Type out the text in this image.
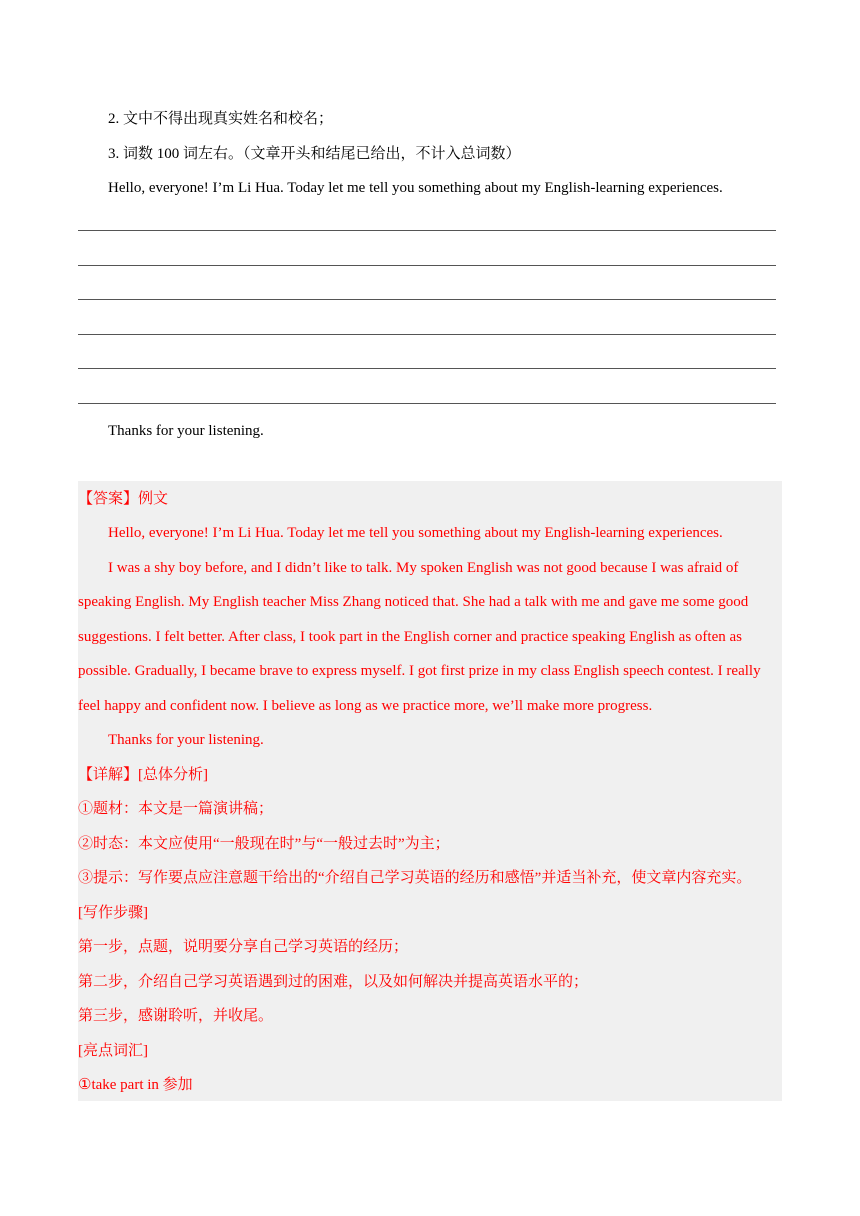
2. 文中不得出现真实姓名和校名；
3. 词数 100 词左右。（文章开头和结尾已给出，不计入总词数）
Hello, everyone! I’m Li Hua. Today let me tell you something about my English-learning experiences.
Thanks for your listening.
【答案】例文
Hello, everyone! I’m Li Hua. Today let me tell you something about my English-learning experiences.
I was a shy boy before, and I didn’t like to talk. My spoken English was not good because I was afraid of
speaking English. My English teacher Miss Zhang noticed that. She had a talk with me and gave me some good
suggestions. I felt better. After class, I took part in the English corner and practice speaking English as often as
possible. Gradually, I became brave to express myself. I got first prize in my class English speech contest. I really
feel happy and confident now. I believe as long as we practice more, we’ll make more progress.
Thanks for your listening.
【详解】[总体分析]
①题材：本文是一篇演讲稿；
②时态：本文应使用“一般现在时”与“一般过去时”为主；
③提示：写作要点应注意题干给出的“介绍自己学习英语的经历和感悟”并适当补充，使文章内容充实。
[写作步骤]
第一步，点题，说明要分享自己学习英语的经历；
第二步，介绍自己学习英语遇到过的困难，以及如何解决并提高英语水平的；
第三步，感谢聆听，并收尾。
[亮点词汇]
①take part in 参加
